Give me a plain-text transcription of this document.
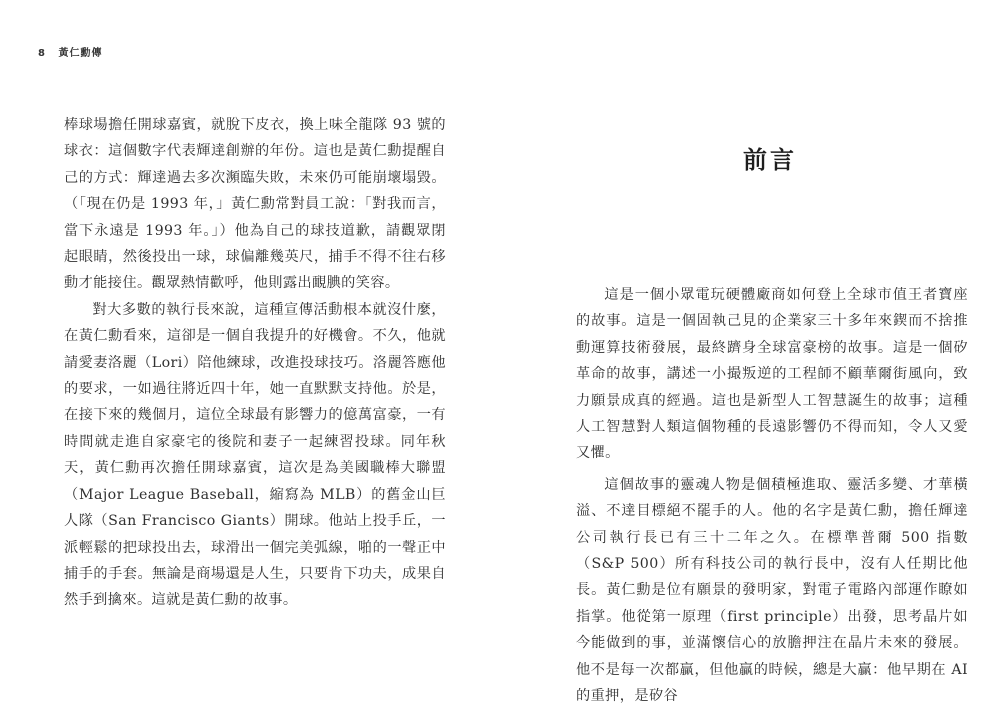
8 黃仁勳傳

棒球場擔任開球嘉賓，就脫下皮衣，換上味全龍隊 93 號的球衣：這個數字代表輝達創辦的年份。這也是黃仁勳提醒自己的方式：輝達過去多次瀕臨失敗，未來仍可能崩壞塌毀。（「現在仍是 1993 年，」黃仁勳常對員工說：「對我而言，當下永遠是 1993 年。」）他為自己的球技道歉，請觀眾閉起眼睛，然後投出一球，球偏離幾英尺，捕手不得不往右移動才能接住。觀眾熱情歡呼，他則露出靦腆的笑容。

對大多數的執行長來說，這種宣傳活動根本就沒什麼，在黃仁勳看來，這卻是一個自我提升的好機會。不久，他就請愛妻洛麗（Lori）陪他練球，改進投球技巧。洛麗答應他的要求，一如過往將近四十年，她一直默默支持他。於是，在接下來的幾個月，這位全球最有影響力的億萬富豪，一有時間就走進自家豪宅的後院和妻子一起練習投球。同年秋天，黃仁勳再次擔任開球嘉賓，這次是為美國職棒大聯盟（Major League Baseball，縮寫為 MLB）的舊金山巨人隊（San Francisco Giants）開球。他站上投手丘，一派輕鬆的把球投出去，球滑出一個完美弧線，啪的一聲正中捕手的手套。無論是商場還是人生，只要肯下功夫，成果自然手到擒來。這就是黃仁勳的故事。

前言

這是一個小眾電玩硬體廠商如何登上全球市值王者寶座的故事。這是一個固執己見的企業家三十多年來鍥而不捨推動運算技術發展，最終躋身全球富豪榜的故事。這是一個矽革命的故事，講述一小撮叛逆的工程師不顧華爾街風向，致力願景成真的經過。這也是新型人工智慧誕生的故事；這種人工智慧對人類這個物種的長遠影響仍不得而知，令人又愛又懼。

這個故事的靈魂人物是個積極進取、靈活多變、才華橫溢、不達目標絕不罷手的人。他的名字是黃仁勳，擔任輝達公司執行長已有三十二年之久。在標準普爾 500 指數（S&P 500）所有科技公司的執行長中，沒有人任期比他長。黃仁勳是位有願景的發明家，對電子電路內部運作瞭如指掌。他從第一原理（first principle）出發，思考晶片如今能做到的事，並滿懷信心的放膽押注在晶片未來的發展。他不是每一次都贏，但他贏的時候，總是大贏：他早期在 AI 的重押，是矽谷
